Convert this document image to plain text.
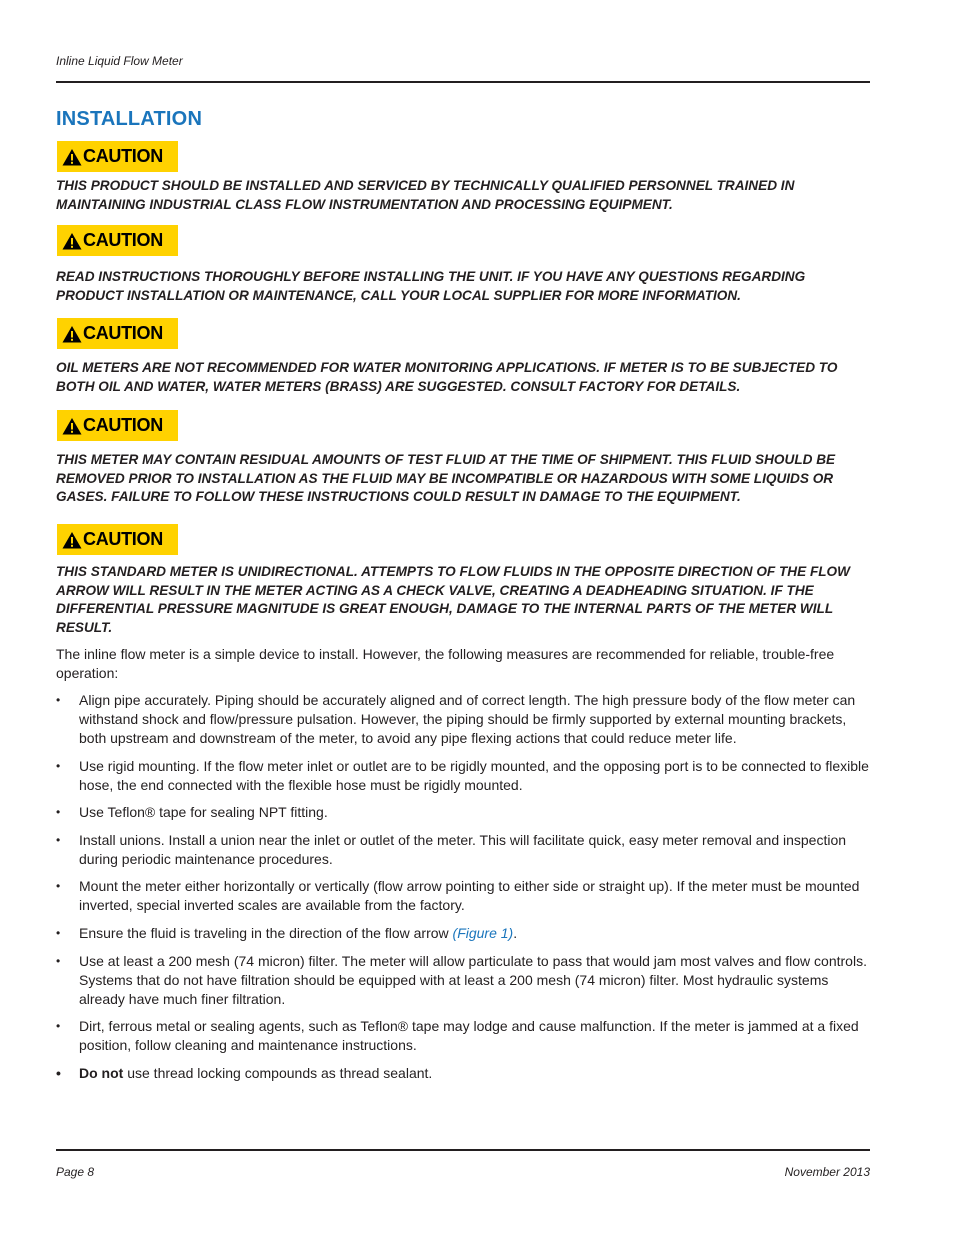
Inline Liquid Flow Meter
INSTALLATION
CAUTION

THIS PRODUCT SHOULD BE INSTALLED AND SERVICED BY TECHNICALLY QUALIFIED PERSONNEL TRAINED IN MAINTAINING INDUSTRIAL CLASS FLOW INSTRUMENTATION AND PROCESSING EQUIPMENT.

CAUTION

READ INSTRUCTIONS THOROUGHLY BEFORE INSTALLING THE UNIT. IF YOU HAVE ANY QUESTIONS REGARDING PRODUCT INSTALLATION OR MAINTENANCE, CALL YOUR LOCAL SUPPLIER FOR MORE INFORMATION.

CAUTION

OIL METERS ARE NOT RECOMMENDED FOR WATER MONITORING APPLICATIONS. IF METER IS TO BE SUBJECTED TO BOTH OIL AND WATER, WATER METERS (BRASS) ARE SUGGESTED. CONSULT FACTORY FOR DETAILS.

CAUTION

THIS METER MAY CONTAIN RESIDUAL AMOUNTS OF TEST FLUID AT THE TIME OF SHIPMENT. THIS FLUID SHOULD BE REMOVED PRIOR TO INSTALLATION AS THE FLUID MAY BE INCOMPATIBLE OR HAZARDOUS WITH SOME LIQUIDS OR GASES. FAILURE TO FOLLOW THESE INSTRUCTIONS COULD RESULT IN DAMAGE TO THE EQUIPMENT.

CAUTION

THIS STANDARD METER IS UNIDIRECTIONAL. ATTEMPTS TO FLOW FLUIDS IN THE OPPOSITE DIRECTION OF THE FLOW ARROW WILL RESULT IN THE METER ACTING AS A CHECK VALVE, CREATING A DEADHEADING SITUATION. IF THE DIFFERENTIAL PRESSURE MAGNITUDE IS GREAT ENOUGH, DAMAGE TO THE INTERNAL PARTS OF THE METER WILL RESULT.

The inline flow meter is a simple device to install. However, the following measures are recommended for reliable, trouble-free operation:

• Align pipe accurately. Piping should be accurately aligned and of correct length. The high pressure body of the flow meter can withstand shock and flow/pressure pulsation. However, the piping should be firmly supported by external mounting brackets, both upstream and downstream of the meter, to avoid any pipe flexing actions that could reduce meter life.
• Use rigid mounting. If the flow meter inlet or outlet are to be rigidly mounted, and the opposing port is to be connected to flexible hose, the end connected with the flexible hose must be rigidly mounted.
• Use Teflon® tape for sealing NPT fitting.
• Install unions. Install a union near the inlet or outlet of the meter. This will facilitate quick, easy meter removal and inspection during periodic maintenance procedures.
• Mount the meter either horizontally or vertically (flow arrow pointing to either side or straight up). If the meter must be mounted inverted, special inverted scales are available from the factory.
• Ensure the fluid is traveling in the direction of the flow arrow (Figure 1).
• Use at least a 200 mesh (74 micron) filter. The meter will allow particulate to pass that would jam most valves and flow controls. Systems that do not have filtration should be equipped with at least a 200 mesh (74 micron) filter. Most hydraulic systems already have much finer filtration.
• Dirt, ferrous metal or sealing agents, such as Teflon® tape may lodge and cause malfunction. If the meter is jammed at a fixed position, follow cleaning and maintenance instructions.
• Do not use thread locking compounds as thread sealant.
Page 8	November 2013
